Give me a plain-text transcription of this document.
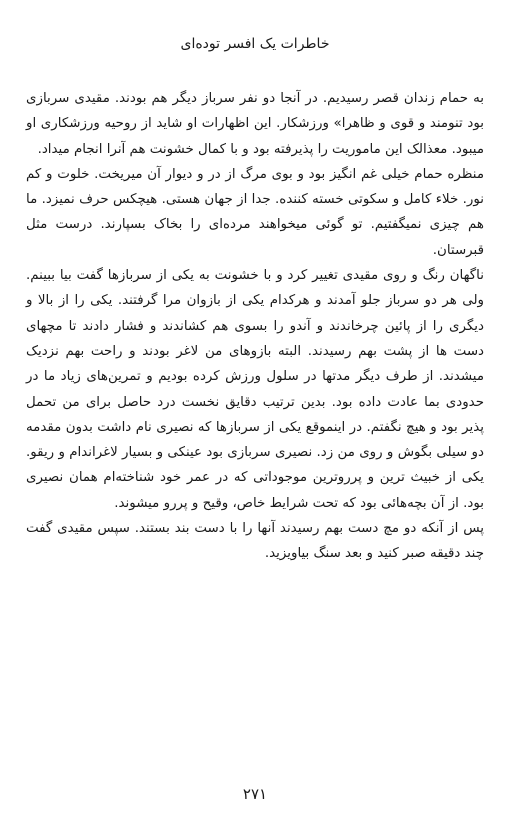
خاطرات یک افسر توده‌ای

به حمام زندان قصر رسیدیم. در آنجا دو نفر سرباز دیگر هم بودند. مقیدی سربازی بود تنومند و قوی و ظاهرا» ورزشکار. این اظهارات او شاید از روحیه ورزشکاری او میبود. معذالک این ماموریت را پذیرفته بود و با کمال خشونت هم آنرا انجام میداد.

منظره حمام خیلی غم انگیز بود و بوی مرگ از در و دیوار آن میریخت. خلوت و کم نور. خلاء کامل و سکوتی خسته کننده. جدا از جهان هستی. هیچکس حرف نمیزد. ما هم چیزی نمیگفتیم. تو گوئی میخواهند مرده‌ای را بخاک بسپارند. درست مثل قبرستان.

ناگهان رنگ و روی مقیدی تغییر کرد و با خشونت به یکی از سربازها گفت بیا ببینم. ولی هر دو سرباز جلو آمدند و هرکدام یکی از بازوان مرا گرفتند. یکی را از بالا و دیگری را از پائین چرخاندند و آندو را بسوی هم کشاندند و فشار دادند تا مچهای دست ها از پشت بهم رسیدند. البته بازوهای من لاغر بودند و راحت بهم نزدیک میشدند. از طرف دیگر مدتها در سلول ورزش کرده بودیم و تمرین‌های زیاد ما در حدودی بما عادت داده بود. بدین ترتیب دقایق نخست درد حاصل برای من تحمل پذیر بود و هیچ نگفتم. در اینموقع یکی از سربازها که نصیری نام داشت بدون مقدمه دو سیلی بگوش و روی من زد. نصیری سربازی بود عینکی و بسیار لاغراندام و ریقو. یکی از خبیث ترین و پرروترین موجوداتی که در عمر خود شناخته‌ام همان نصیری بود. از آن بچه‌هائی بود که تحت شرایط خاص، وقیح و پررو میشوند.

پس از آنکه دو مچ دست بهم رسیدند آنها را با دست بند بستند. سپس مقیدی گفت چند دقیقه صبر کنید و بعد سنگ بیاویزید.

۲۷۱
